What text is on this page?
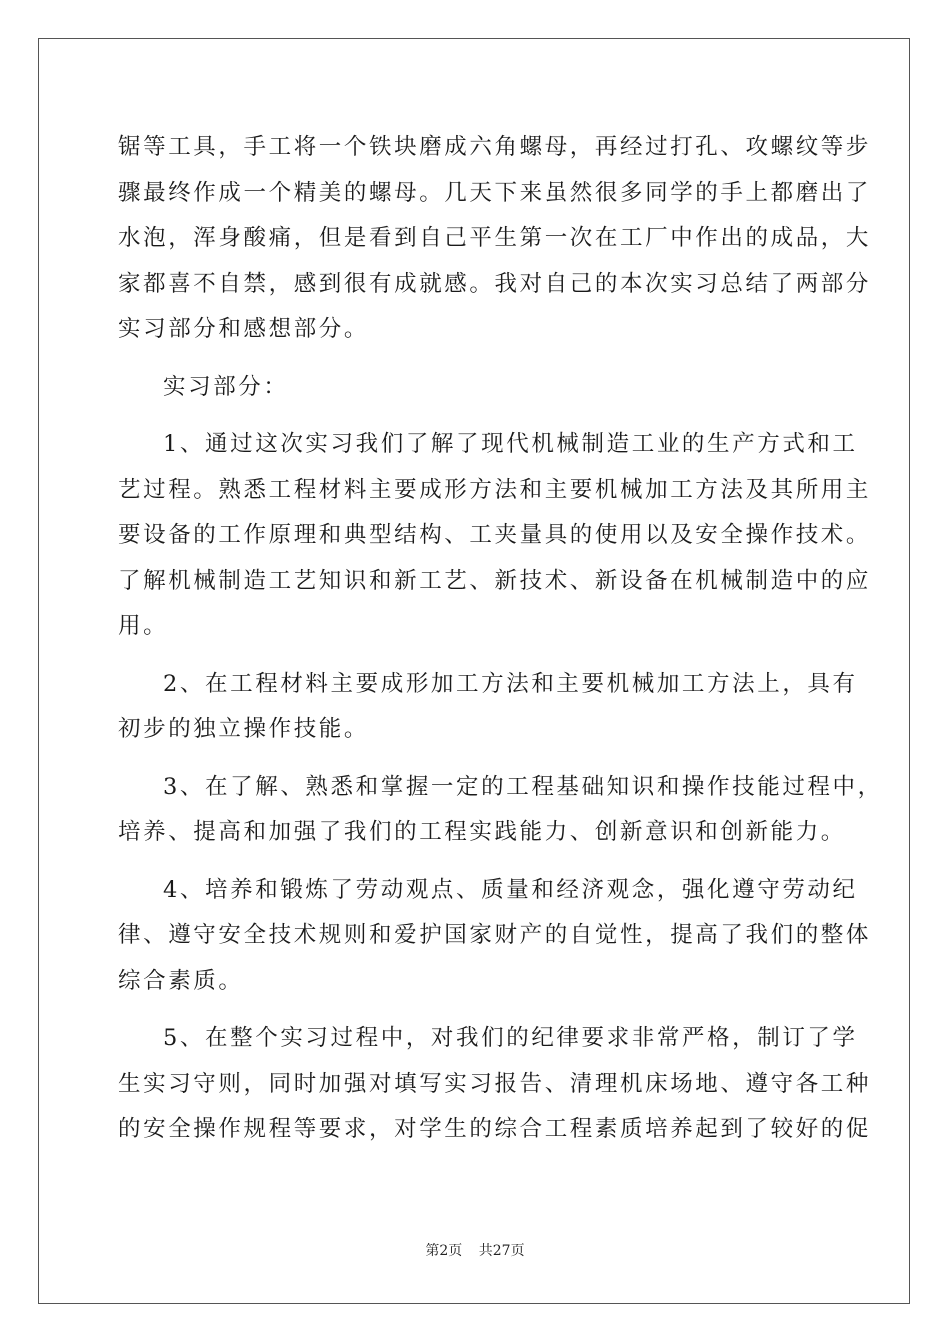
锯等工具，手工将一个铁块磨成六角螺母，再经过打孔、攻螺纹等步
骤最终作成一个精美的螺母。几天下来虽然很多同学的手上都磨出了
水泡，浑身酸痛，但是看到自己平生第一次在工厂中作出的成品，大
家都喜不自禁，感到很有成就感。我对自己的本次实习总结了两部分
实习部分和感想部分。
实习部分：
1、通过这次实习我们了解了现代机械制造工业的生产方式和工
艺过程。熟悉工程材料主要成形方法和主要机械加工方法及其所用主
要设备的工作原理和典型结构、工夹量具的使用以及安全操作技术。
了解机械制造工艺知识和新工艺、新技术、新设备在机械制造中的应
用。
2、在工程材料主要成形加工方法和主要机械加工方法上，具有
初步的独立操作技能。
3、在了解、熟悉和掌握一定的工程基础知识和操作技能过程中，
培养、提高和加强了我们的工程实践能力、创新意识和创新能力。
4、培养和锻炼了劳动观点、质量和经济观念，强化遵守劳动纪
律、遵守安全技术规则和爱护国家财产的自觉性，提高了我们的整体
综合素质。
5、在整个实习过程中，对我们的纪律要求非常严格，制订了学
生实习守则，同时加强对填写实习报告、清理机床场地、遵守各工种
的安全操作规程等要求，对学生的综合工程素质培养起到了较好的促
第2页 共27页
